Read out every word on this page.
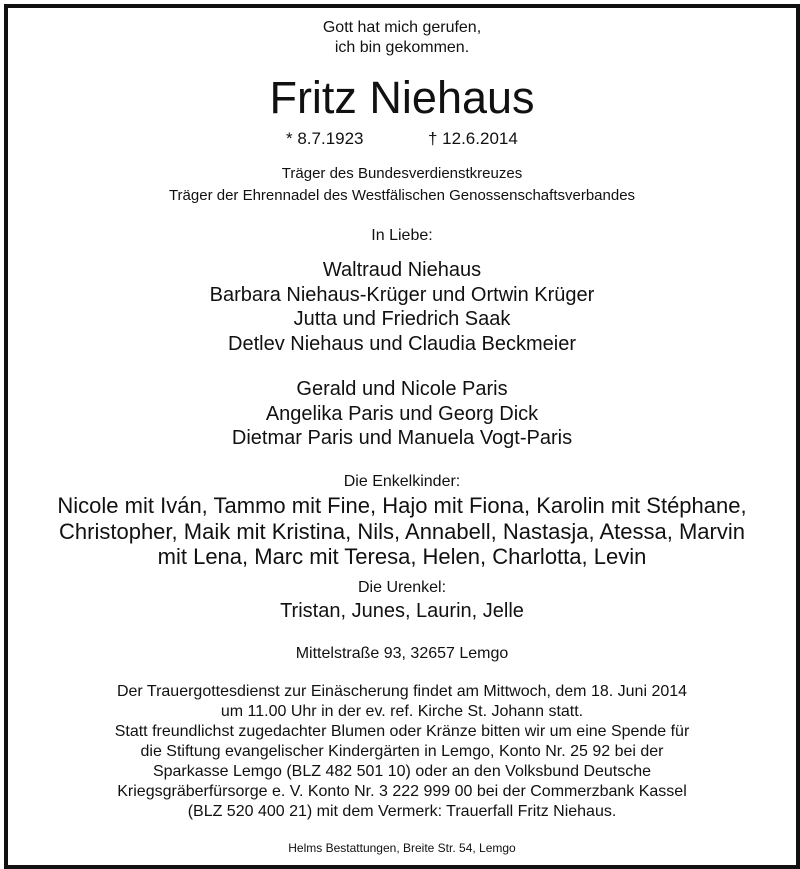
Gott hat mich gerufen,
ich bin gekommen.
Fritz Niehaus
* 8.7.1923	† 12.6.2014
Träger des Bundesverdienstkreuzes
Träger der Ehrennadel des Westfälischen Genossenschaftsverbandes
In Liebe:
Waltraud Niehaus
Barbara Niehaus-Krüger und Ortwin Krüger
Jutta und Friedrich Saak
Detlev Niehaus und Claudia Beckmeier
Gerald und Nicole Paris
Angelika Paris und Georg Dick
Dietmar Paris und Manuela Vogt-Paris
Die Enkelkinder:
Nicole mit Iván, Tammo mit Fine, Hajo mit Fiona, Karolin mit Stéphane,
Christopher, Maik mit Kristina, Nils, Annabell, Nastasja, Atessa, Marvin
mit Lena, Marc mit Teresa, Helen, Charlotta, Levin
Die Urenkel:
Tristan, Junes, Laurin, Jelle
Mittelstraße 93, 32657 Lemgo
Der Trauergottesdienst zur Einäscherung findet am Mittwoch, dem 18. Juni 2014
um 11.00 Uhr in der ev. ref. Kirche St. Johann statt.
Statt freundlichst zugedachter Blumen oder Kränze bitten wir um eine Spende für
die Stiftung evangelischer Kindergärten in Lemgo, Konto Nr. 25 92 bei der
Sparkasse Lemgo (BLZ 482 501 10) oder an den Volksbund Deutsche
Kriegsgräberfürsorge e. V. Konto Nr. 3 222 999 00 bei der Commerzbank Kassel
(BLZ 520 400 21) mit dem Vermerk: Trauerfall Fritz Niehaus.
Helms Bestattungen, Breite Str. 54, Lemgo
